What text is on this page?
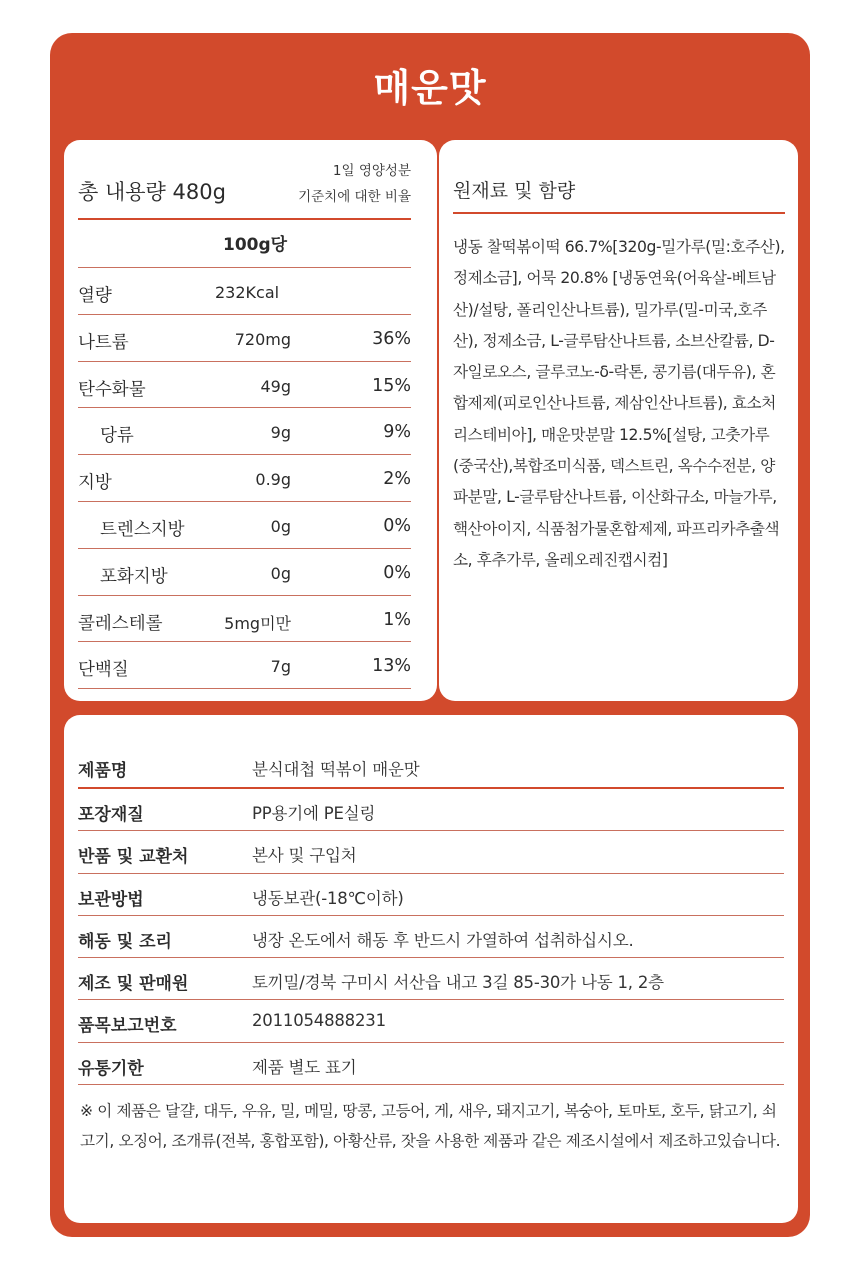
매운맛
총 내용량 480g
1일 영양성분
기준치에 대한 비율
100g당
열량	232Kcal
나트륨	720mg	36%
탄수화물	49g	15%
당류	9g	9%
지방	0.9g	2%
트렌스지방	0g	0%
포화지방	0g	0%
콜레스테롤	5mg미만	1%
단백질	7g	13%
원재료 및 함량
냉동 찰떡볶이떡 66.7%[320g-밀가루(밀:호주산), 정제소금], 어묵 20.8% [냉동연육(어육살-베트남산)/설탕, 폴리인산나트륨), 밀가루(밀-미국,호주산), 정제소금, L-글루탐산나트륨, 소브산칼륨, D-자일로오스, 글루코노-δ-락톤, 콩기름(대두유), 혼합제제(피로인산나트륨, 제삼인산나트륨), 효소처리스테비아], 매운맛분말 12.5%[설탕, 고춧가루(중국산),복합조미식품, 덱스트린, 옥수수전분, 양파분말, L-글루탐산나트륨, 이산화규소, 마늘가루, 핵산아이지, 식품첨가물혼합제제, 파프리카추출색소, 후추가루, 올레오레진캡시컴]
제품명	분식대첩 떡볶이 매운맛
포장재질	PP용기에 PE실링
반품 및 교환처	본사 및 구입처
보관방법	냉동보관(-18℃이하)
해동 및 조리	냉장 온도에서 해동 후 반드시 가열하여 섭취하십시오.
제조 및 판매원	토끼밀/경북 구미시 서산읍 내고 3길 85-30가 나동 1, 2층
품목보고번호	2011054888231
유통기한	제품 별도 표기
※ 이 제품은 달걀, 대두, 우유, 밀, 메밀, 땅콩, 고등어, 게, 새우, 돼지고기, 복숭아, 토마토, 호두, 닭고기, 쇠고기, 오징어, 조개류(전복, 홍합포함), 아황산류, 잣을 사용한 제품과 같은 제조시설에서 제조하고있습니다.
